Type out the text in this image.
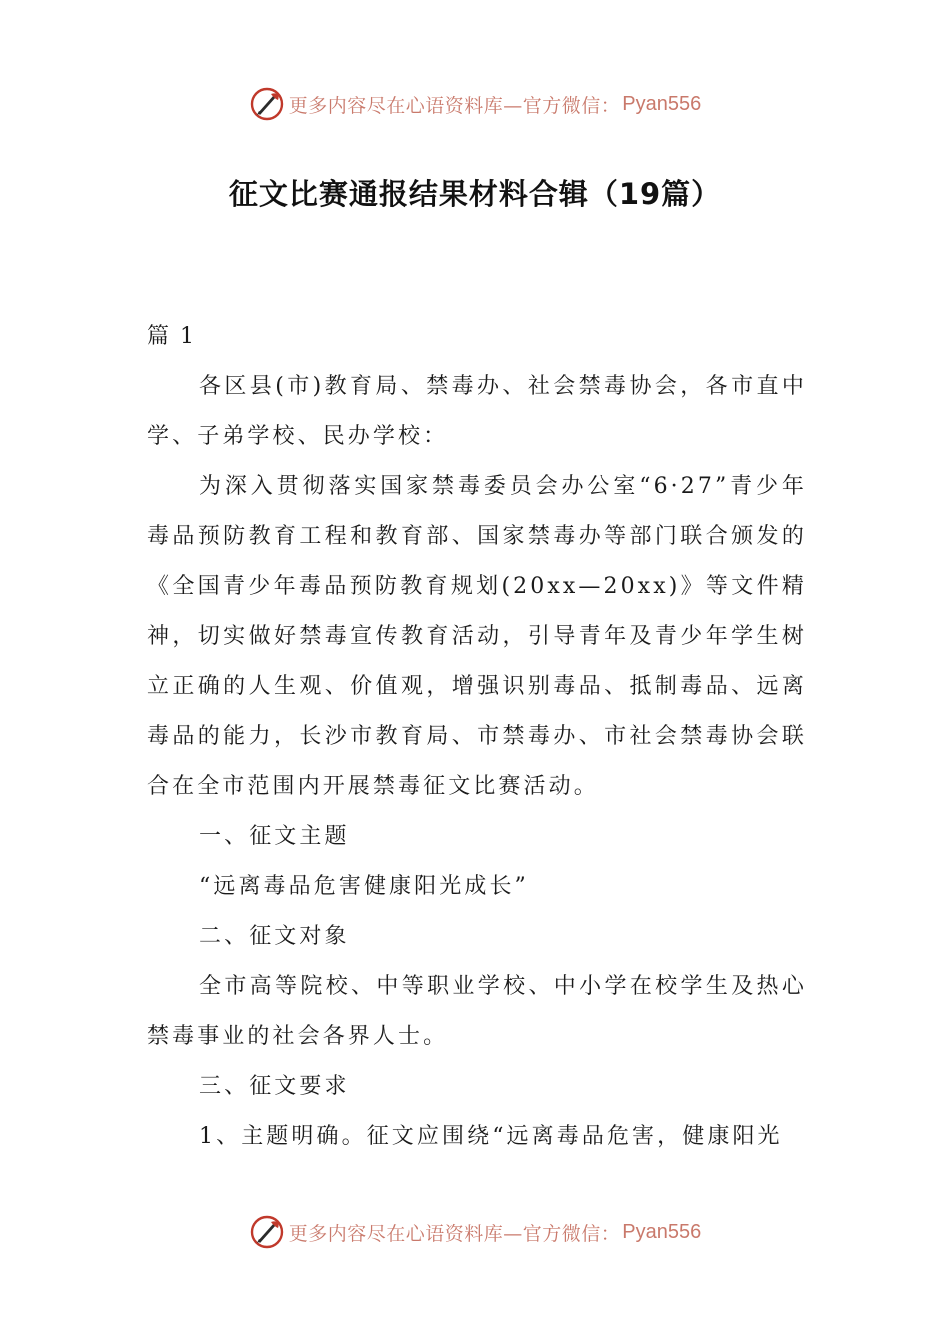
更多内容尽在心语资料库—官方微信： Pyan556
征文比赛通报结果材料合辑（19篇）

篇 1

各区县(市)教育局、禁毒办、社会禁毒协会，各市直中学、子弟学校、民办学校：

为深入贯彻落实国家禁毒委员会办公室“6·27”青少年毒品预防教育工程和教育部、国家禁毒办等部门联合颁发的《全国青少年毒品预防教育规划(20xx—20xx)》等文件精神，切实做好禁毒宣传教育活动，引导青年及青少年学生树立正确的人生观、价值观，增强识别毒品、抵制毒品、远离毒品的能力，长沙市教育局、市禁毒办、市社会禁毒协会联合在全市范围内开展禁毒征文比赛活动。

一、征文主题

“远离毒品危害健康阳光成长”

二、征文对象

全市高等院校、中等职业学校、中小学在校学生及热心禁毒事业的社会各界人士。

三、征文要求

1、主题明确。征文应围绕“远离毒品危害，健康阳光

更多内容尽在心语资料库—官方微信： Pyan556
